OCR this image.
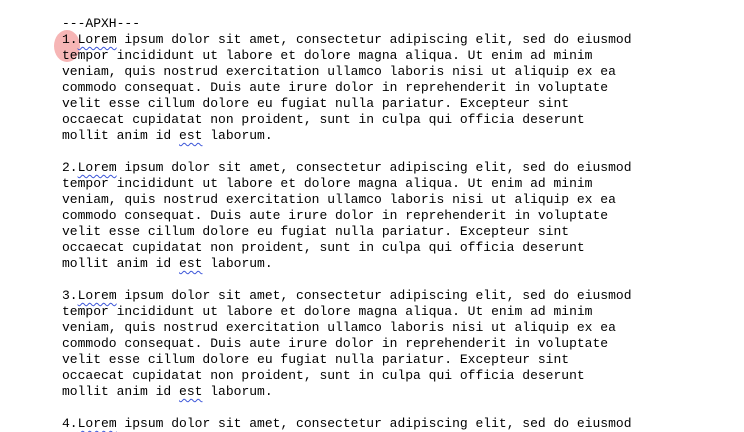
---APXH---
1.Lorem ipsum dolor sit amet, consectetur adipiscing elit, sed do eiusmod
tempor incididunt ut labore et dolore magna aliqua. Ut enim ad minim
veniam, quis nostrud exercitation ullamco laboris nisi ut aliquip ex ea
commodo consequat. Duis aute irure dolor in reprehenderit in voluptate
velit esse cillum dolore eu fugiat nulla pariatur. Excepteur sint
occaecat cupidatat non proident, sunt in culpa qui officia deserunt
mollit anim id est laborum.
2.Lorem ipsum dolor sit amet, consectetur adipiscing elit, sed do eiusmod
tempor incididunt ut labore et dolore magna aliqua. Ut enim ad minim
veniam, quis nostrud exercitation ullamco laboris nisi ut aliquip ex ea
commodo consequat. Duis aute irure dolor in reprehenderit in voluptate
velit esse cillum dolore eu fugiat nulla pariatur. Excepteur sint
occaecat cupidatat non proident, sunt in culpa qui officia deserunt
mollit anim id est laborum.
3.Lorem ipsum dolor sit amet, consectetur adipiscing elit, sed do eiusmod
tempor incididunt ut labore et dolore magna aliqua. Ut enim ad minim
veniam, quis nostrud exercitation ullamco laboris nisi ut aliquip ex ea
commodo consequat. Duis aute irure dolor in reprehenderit in voluptate
velit esse cillum dolore eu fugiat nulla pariatur. Excepteur sint
occaecat cupidatat non proident, sunt in culpa qui officia deserunt
mollit anim id est laborum.
4.Lorem ipsum dolor sit amet, consectetur adipiscing elit, sed do eiusmod
